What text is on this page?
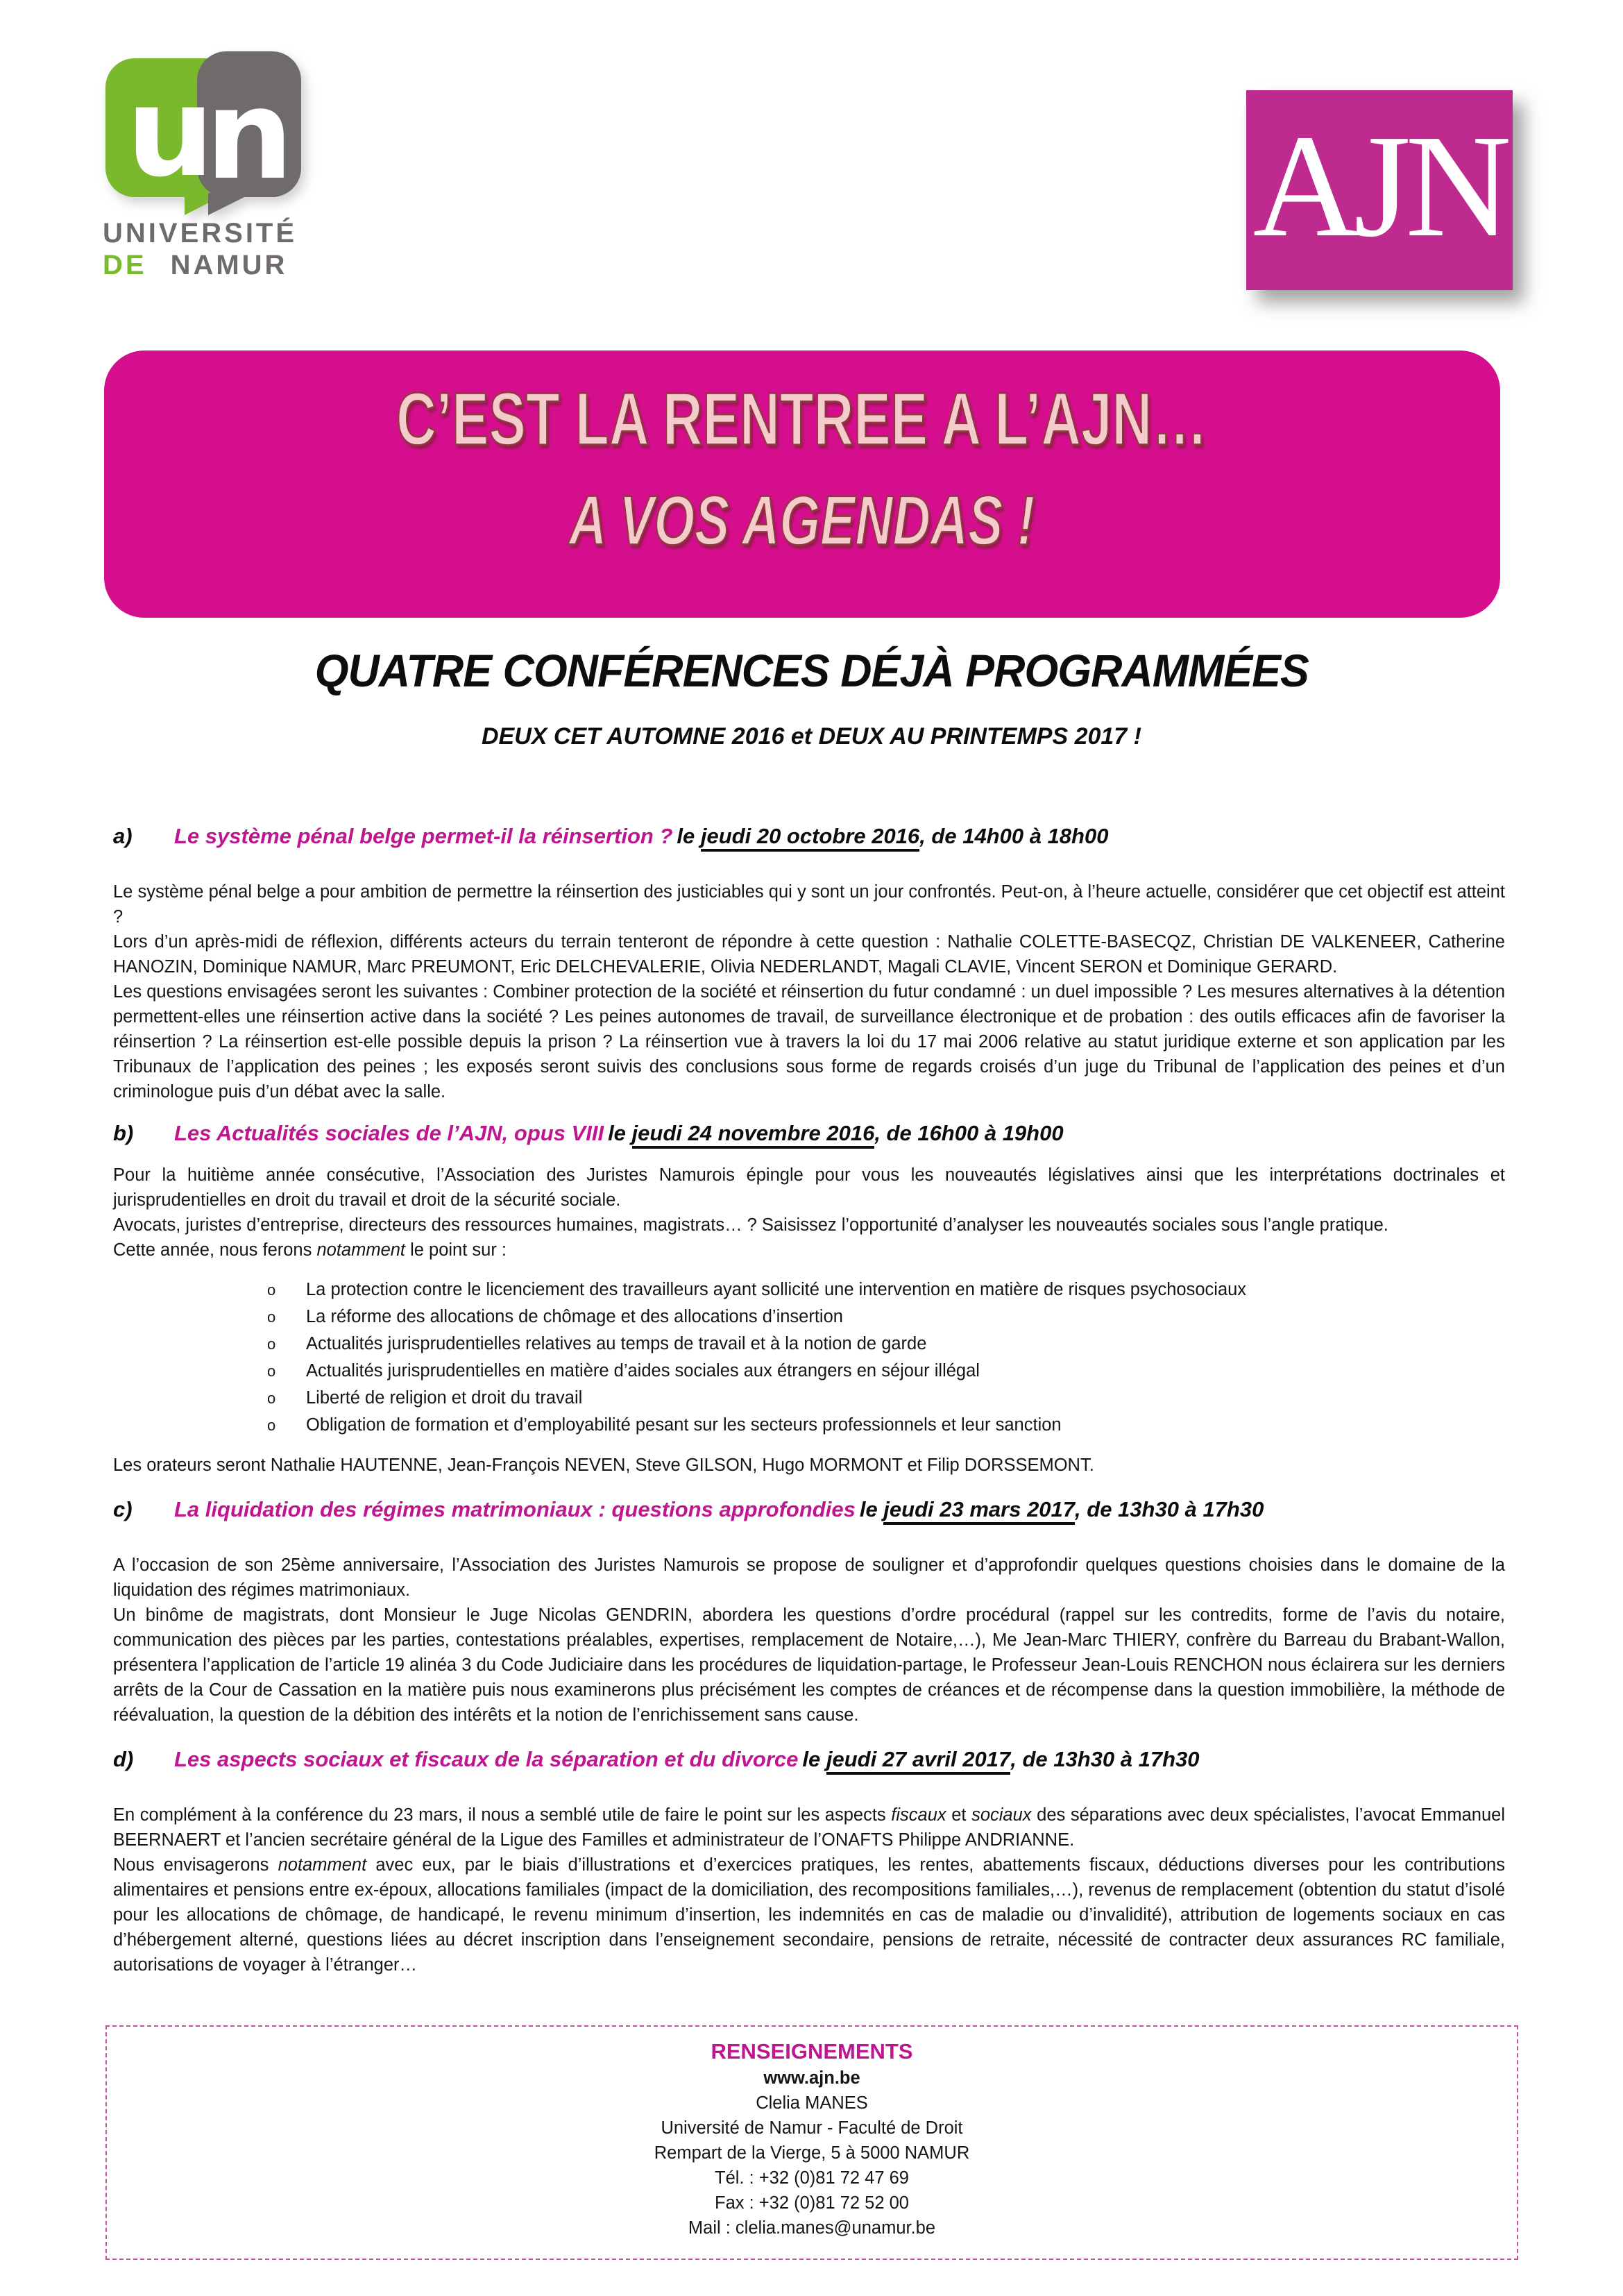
u
n
UNIVERSITÉ
DE NAMUR	AJN
C’EST LA RENTREE A L’AJN…
A VOS AGENDAS !
QUATRE CONFÉRENCES DÉJÀ PROGRAMMÉES
DEUX CET AUTOMNE 2016 et DEUX AU PRINTEMPS 2017 !
a) Le système pénal belge permet-il la réinsertion ? le jeudi 20 octobre 2016, de 14h00 à 18h00

Le système pénal belge a pour ambition de permettre la réinsertion des justiciables qui y sont un jour confrontés. Peut-on, à l’heure actuelle, considérer que cet objectif est atteint ?

Lors d’un après-midi de réflexion, différents acteurs du terrain tenteront de répondre à cette question : Nathalie COLETTE-BASECQZ, Christian DE VALKENEER, Catherine HANOZIN, Dominique NAMUR, Marc PREUMONT, Eric DELCHEVALERIE, Olivia NEDERLANDT, Magali CLAVIE, Vincent SERON et Dominique GERARD.

Les questions envisagées seront les suivantes : Combiner protection de la société et réinsertion du futur condamné : un duel impossible ? Les mesures alternatives à la détention permettent-elles une réinsertion active dans la société ? Les peines autonomes de travail, de surveillance électronique et de probation : des outils efficaces afin de favoriser la réinsertion ? La réinsertion est-elle possible depuis la prison ? La réinsertion vue à travers la loi du 17 mai 2006 relative au statut juridique externe et son application par les Tribunaux de l’application des peines ; les exposés seront suivis des conclusions sous forme de regards croisés d’un juge du Tribunal de l’application des peines et d’un criminologue puis d’un débat avec la salle.

b) Les Actualités sociales de l’AJN, opus VIII le jeudi 24 novembre 2016, de 16h00 à 19h00

Pour la huitième année consécutive, l’Association des Juristes Namurois épingle pour vous les nouveautés législatives ainsi que les interprétations doctrinales et jurisprudentielles en droit du travail et droit de la sécurité sociale.

Avocats, juristes d’entreprise, directeurs des ressources humaines, magistrats… ? Saisissez l’opportunité d’analyser les nouveautés sociales sous l’angle pratique.

Cette année, nous ferons notamment le point sur :

o	La protection contre le licenciement des travailleurs ayant sollicité une intervention en matière de risques psychosociaux
o	La réforme des allocations de chômage et des allocations d’insertion
o	Actualités jurisprudentielles relatives au temps de travail et à la notion de garde
o	Actualités jurisprudentielles en matière d’aides sociales aux étrangers en séjour illégal
o	Liberté de religion et droit du travail
o	Obligation de formation et d’employabilité pesant sur les secteurs professionnels et leur sanction

Les orateurs seront Nathalie HAUTENNE, Jean-François NEVEN, Steve GILSON, Hugo MORMONT et Filip DORSSEMONT.

c) La liquidation des régimes matrimoniaux : questions approfondies le jeudi 23 mars 2017, de 13h30 à 17h30

A l’occasion de son 25ème anniversaire, l’Association des Juristes Namurois se propose de souligner et d’approfondir quelques questions choisies dans le domaine de la liquidation des régimes matrimoniaux.

Un binôme de magistrats, dont Monsieur le Juge Nicolas GENDRIN, abordera les questions d’ordre procédural (rappel sur les contredits, forme de l’avis du notaire, communication des pièces par les parties, contestations préalables, expertises, remplacement de Notaire,…), Me Jean-Marc THIERY, confrère du Barreau du Brabant-Wallon, présentera l’application de l’article 19 alinéa 3 du Code Judiciaire dans les procédures de liquidation-partage, le Professeur Jean-Louis RENCHON nous éclairera sur les derniers arrêts de la Cour de Cassation en la matière puis nous examinerons plus précisément les comptes de créances et de récompense dans la question immobilière, la méthode de réévaluation, la question de la débition des intérêts et la notion de l’enrichissement sans cause.

d) Les aspects sociaux et fiscaux de la séparation et du divorce le jeudi 27 avril 2017, de 13h30 à 17h30

En complément à la conférence du 23 mars, il nous a semblé utile de faire le point sur les aspects fiscaux et sociaux des séparations avec deux spécialistes, l’avocat Emmanuel BEERNAERT et l’ancien secrétaire général de la Ligue des Familles et administrateur de l’ONAFTS Philippe ANDRIANNE.

Nous envisagerons notamment avec eux, par le biais d’illustrations et d’exercices pratiques, les rentes, abattements fiscaux, déductions diverses pour les contributions alimentaires et pensions entre ex-époux, allocations familiales (impact de la domiciliation, des recompositions familiales,…), revenus de remplacement (obtention du statut d’isolé pour les allocations de chômage, de handicapé, le revenu minimum d’insertion, les indemnités en cas de maladie ou d’invalidité), attribution de logements sociaux en cas d’hébergement alterné, questions liées au décret inscription dans l’enseignement secondaire, pensions de retraite, nécessité de contracter deux assurances RC familiale, autorisations de voyager à l’étranger…

RENSEIGNEMENTS
www.ajn.be
Clelia MANES
Université de Namur - Faculté de Droit
Rempart de la Vierge, 5 à 5000 NAMUR
Tél. : +32 (0)81 72 47 69
Fax : +32 (0)81 72 52 00
Mail : clelia.manes@unamur.be
